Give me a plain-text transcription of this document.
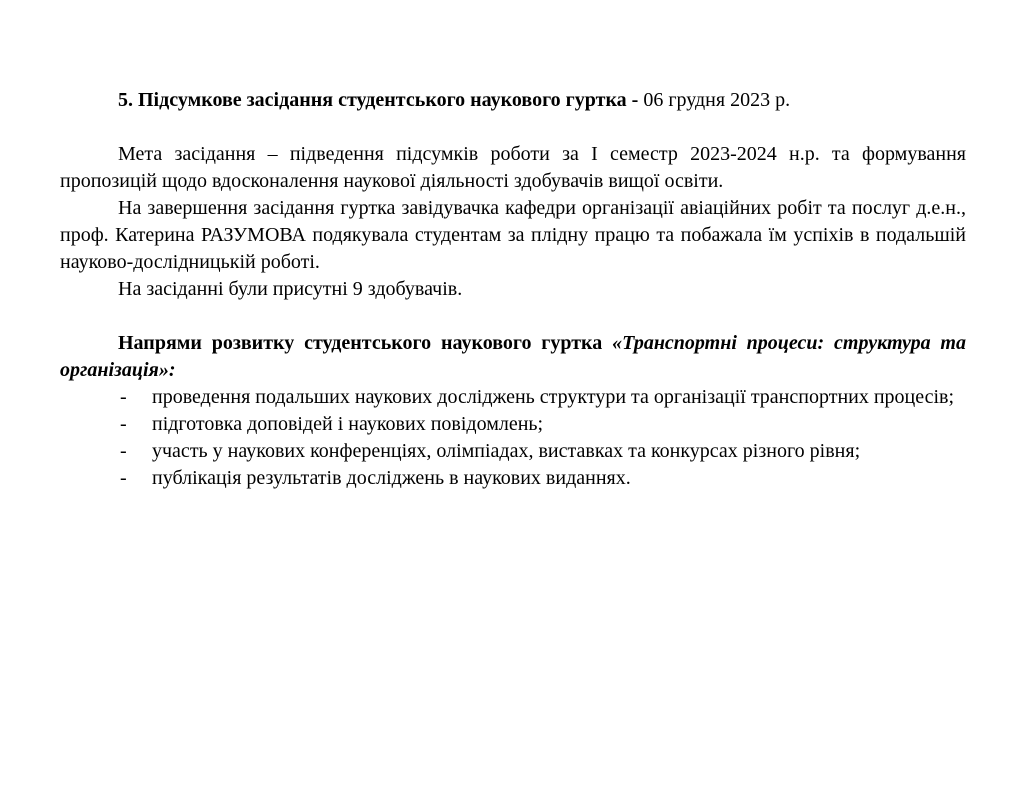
5. Підсумкове засідання студентського наукового гуртка - 06 грудня 2023 р.

Мета засідання – підведення підсумків роботи за І семестр 2023-2024 н.р. та формування пропозицій щодо вдосконалення наукової діяльності здобувачів вищої освіти.

На завершення засідання гуртка завідувачка кафедри організації авіаційних робіт та послуг д.е.н., проф. Катерина РАЗУМОВА подякувала студентам за плідну працю та побажала їм успіхів в подальшій науково-дослідницькій роботі.

На засіданні були присутні 9 здобувачів.

Напрями розвитку студентського наукового гуртка «Транспортні процеси: структура та організація»:

-	проведення подальших наукових досліджень структури та організації транспортних процесів;
-	підготовка доповідей і наукових повідомлень;
-	участь у наукових конференціях, олімпіадах, виставках та конкурсах різного рівня;
-	публікація результатів досліджень в наукових виданнях.
